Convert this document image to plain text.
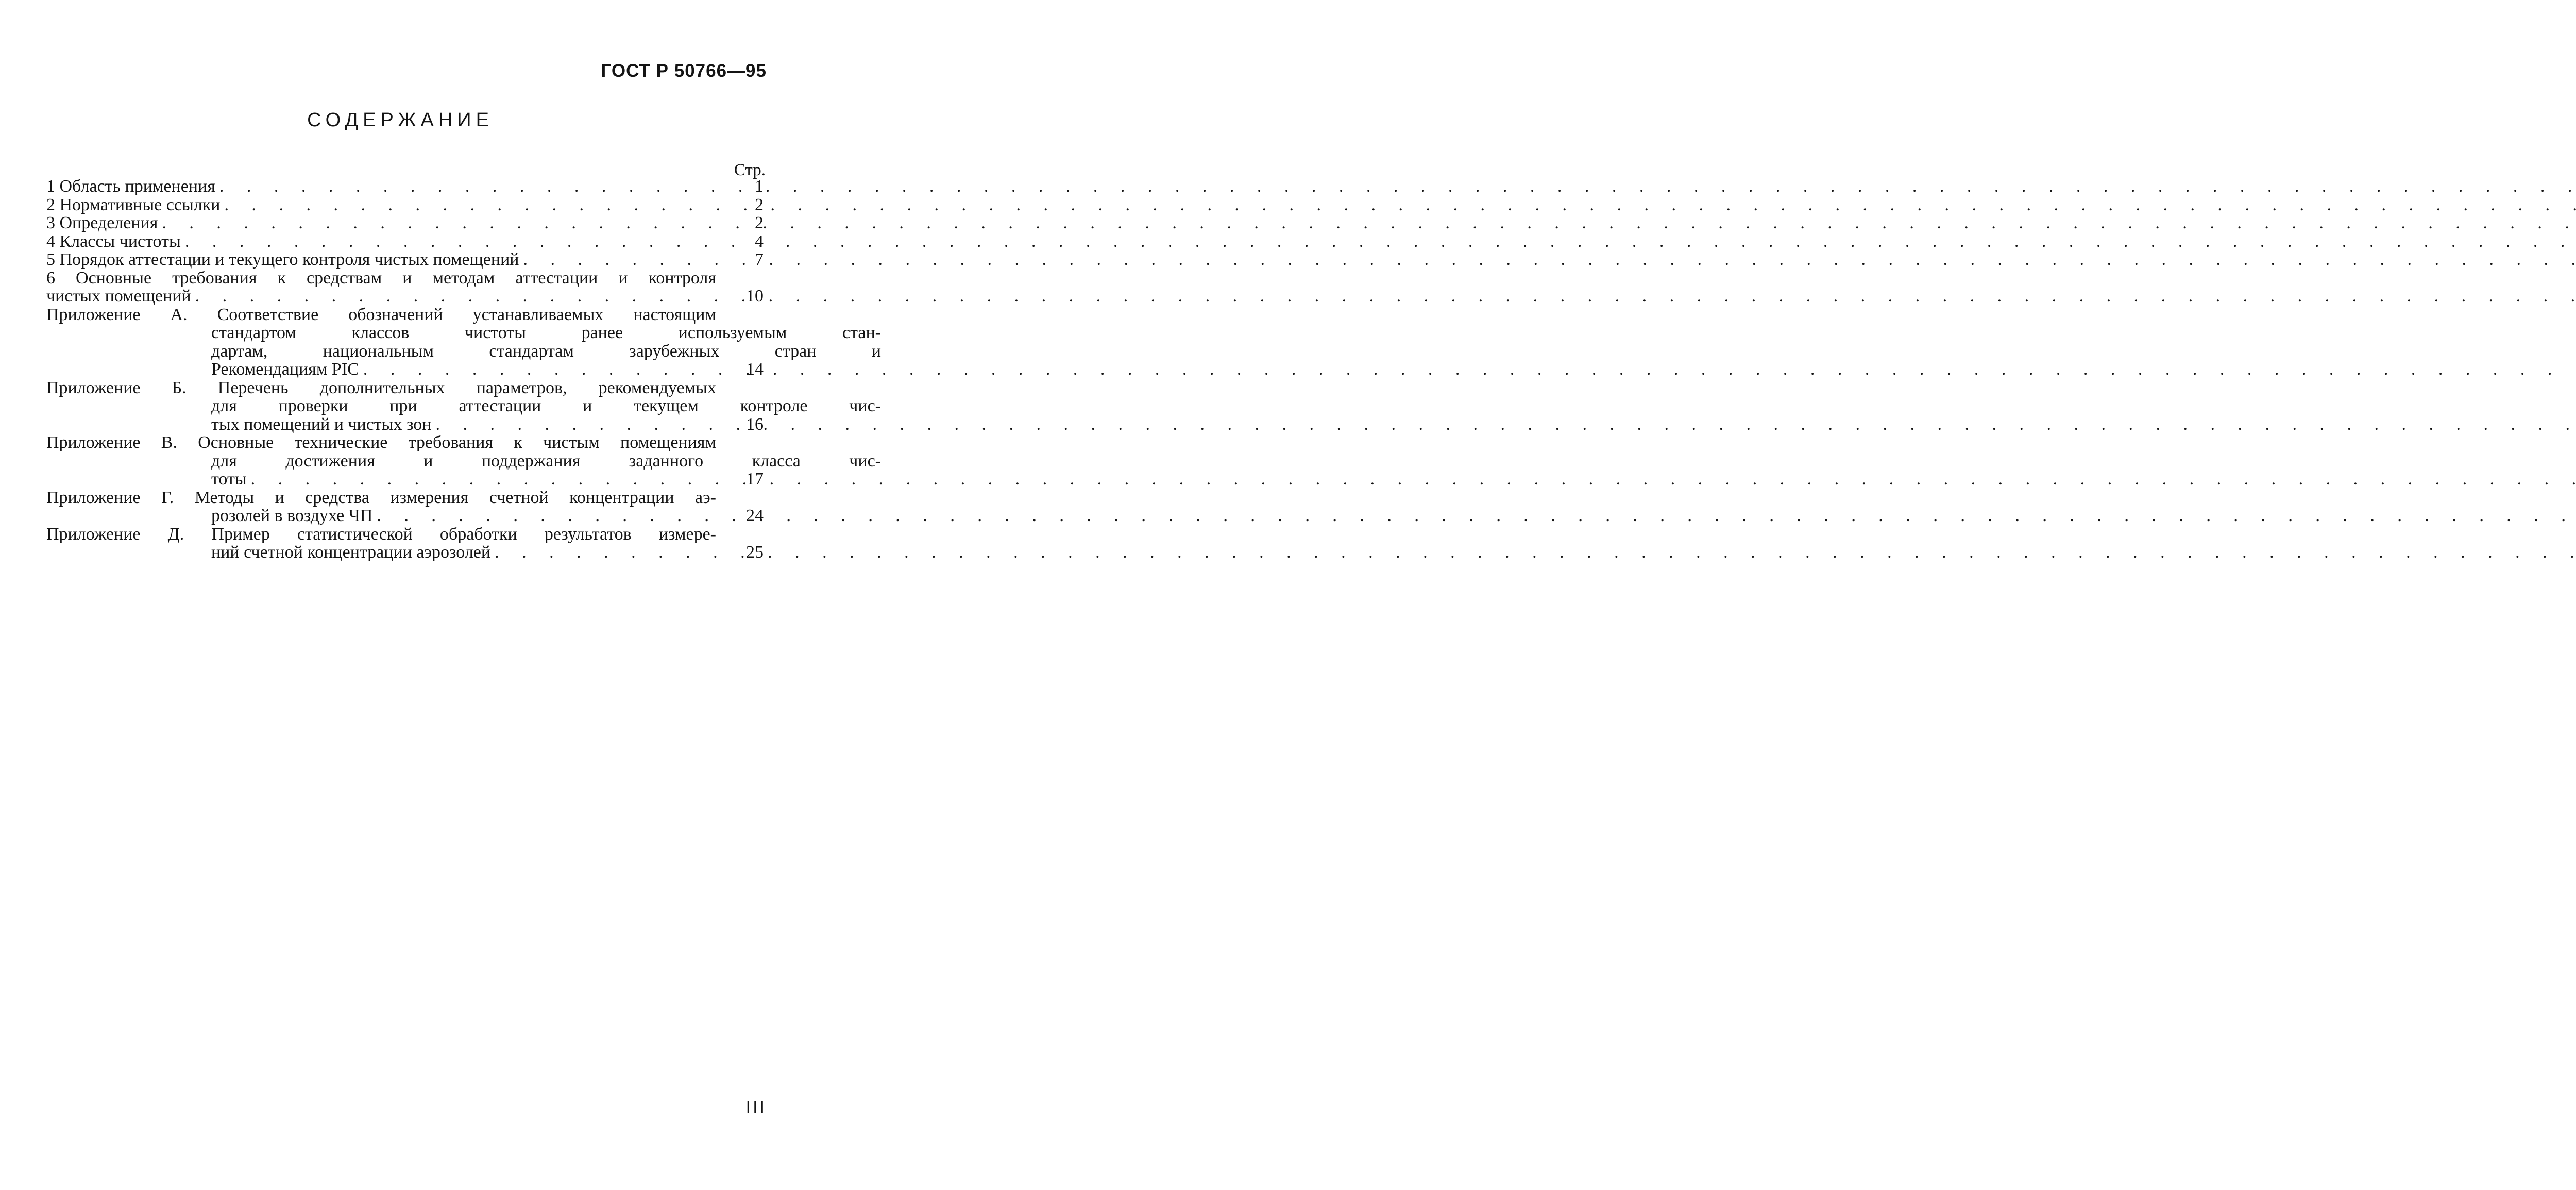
ГОСТ Р 50766—95
СОДЕРЖАНИЕ
Стр.
1 Область применения . . .	1
2 Нормативные ссылки . . .	2
3 Определения . . .	2
4 Классы чистоты . . .	4
5 Порядок аттестации и текущего контроля чистых помещений . . .	7
6 Основные требования к средствам и методам аттестации и контроля
чистых помещений . . .	10
Приложение А. Соответствие обозначений устанавливаемых настоящим
стандартом классов чистоты ранее используемым стан-
дартам, национальным стандартам зарубежных стран и
Рекомендациям PIC . . .	14
Приложение Б. Перечень дополнительных параметров, рекомендуемых
для проверки при аттестации и текущем контроле чис-
тых помещений и чистых зон . . .	16
Приложение В. Основные технические требования к чистым помещениям
для достижения и поддержания заданного класса чис-
тоты . . .	17
Приложение Г. Методы и средства измерения счетной концентрации аэ-
розолей в воздухе ЧП . . .	24
Приложение Д. Пример статистической обработки результатов измере-
ний счетной концентрации аэрозолей . . .	25
III
